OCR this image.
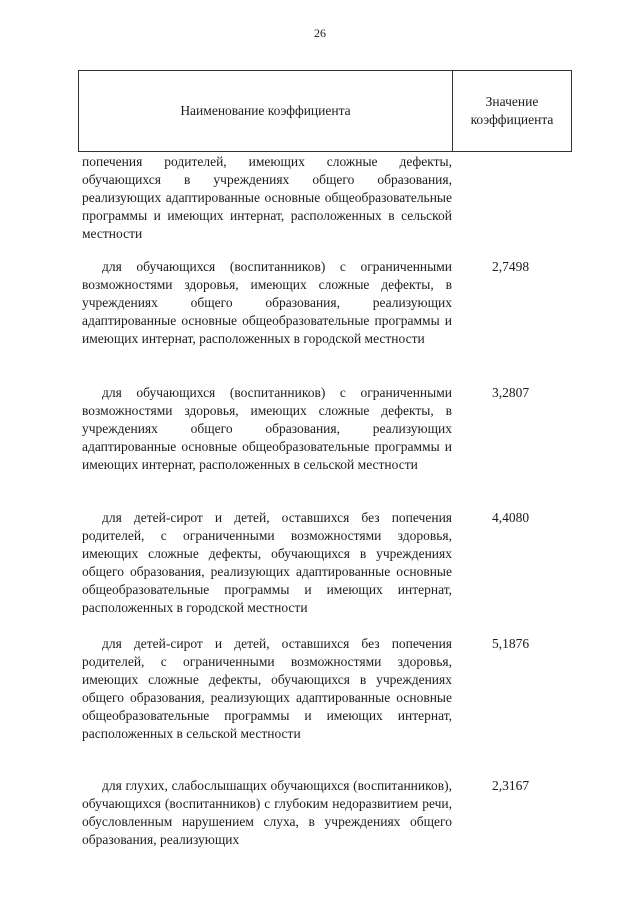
26
Наименование коэффициента
Значение
коэффициента
попечения родителей, имеющих сложные дефекты, обучающихся в учреждениях общего образования, реализующих адаптированные основные общеобразовательные программы и имеющих интернат, расположенных в сельской местности
для обучающихся (воспитанников) с ограниченными возможностями здоровья, имеющих сложные дефекты, в учреждениях общего образования, реализующих адаптированные основные общеобразовательные программы и имеющих интернат, расположенных в городской местности
2,7498
для обучающихся (воспитанников) с ограниченными возможностями здоровья, имеющих сложные дефекты, в учреждениях общего образования, реализующих адаптированные основные общеобразовательные программы и имеющих интернат, расположенных в сельской местности
3,2807
для детей-сирот и детей, оставшихся без попечения родителей, с ограниченными возможностями здоровья, имеющих сложные дефекты, обучающихся в учреждениях общего образования, реализующих адаптированные основные общеобразовательные программы и имеющих интернат, расположенных в городской местности
4,4080
для детей-сирот и детей, оставшихся без попечения родителей, с ограниченными возможностями здоровья, имеющих сложные дефекты, обучающихся в учреждениях общего образования, реализующих адаптированные основные общеобразовательные программы и имеющих интернат, расположенных в сельской местности
5,1876
для глухих, слабослышащих обучающихся (воспитанников), обучающихся (воспитанников) с глубоким недоразвитием речи, обусловленным нарушением слуха, в учреждениях общего образования, реализующих
2,3167
